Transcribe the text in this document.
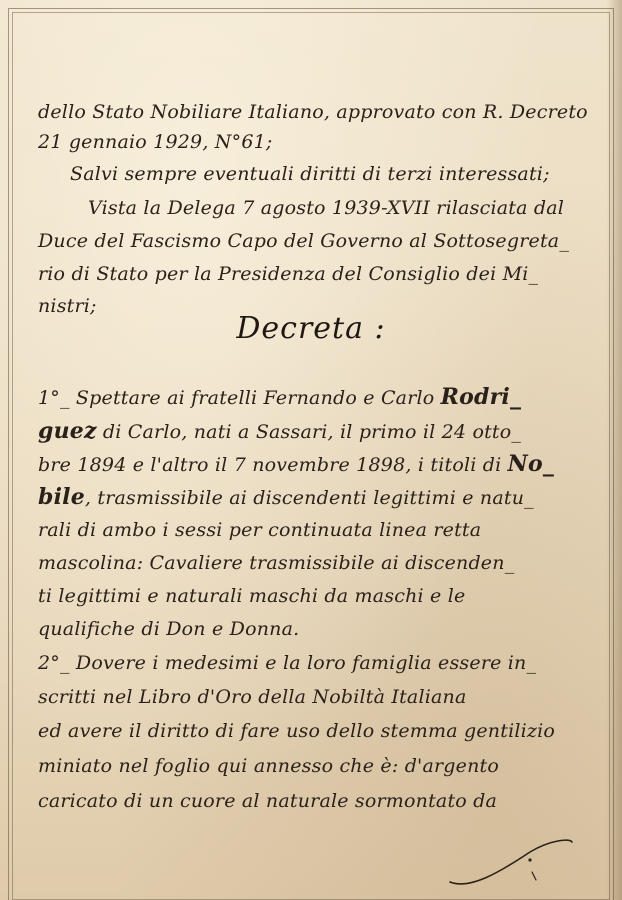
dello Stato Nobiliare Italiano, approvato con R. Decreto
21 gennaio 1929, N°61;
Salvi sempre eventuali diritti di terzi interessati;
Vista la Delega 7 agosto 1939-XVII rilasciata dal
Duce del Fascismo Capo del Governo al Sottosegreta_
rio di Stato per la Presidenza del Consiglio dei Mi_
nistri;
Decreta :
1°_ Spettare ai fratelli Fernando e Carlo Rodri_
guez di Carlo, nati a Sassari, il primo il 24 otto_
bre 1894 e l'altro il 7 novembre 1898, i titoli di No_
bile, trasmissibile ai discendenti legittimi e natu_
rali di ambo i sessi per continuata linea retta
mascolina: Cavaliere trasmissibile ai discenden_
ti legittimi e naturali maschi da maschi e le
qualifiche di Don e Donna.
2°_ Dovere i medesimi e la loro famiglia essere in_
scritti nel Libro d'Oro della Nobiltà Italiana
ed avere il diritto di fare uso dello stemma gentilizio
miniato nel foglio qui annesso che è: d'argento
caricato di un cuore al naturale sormontato da
